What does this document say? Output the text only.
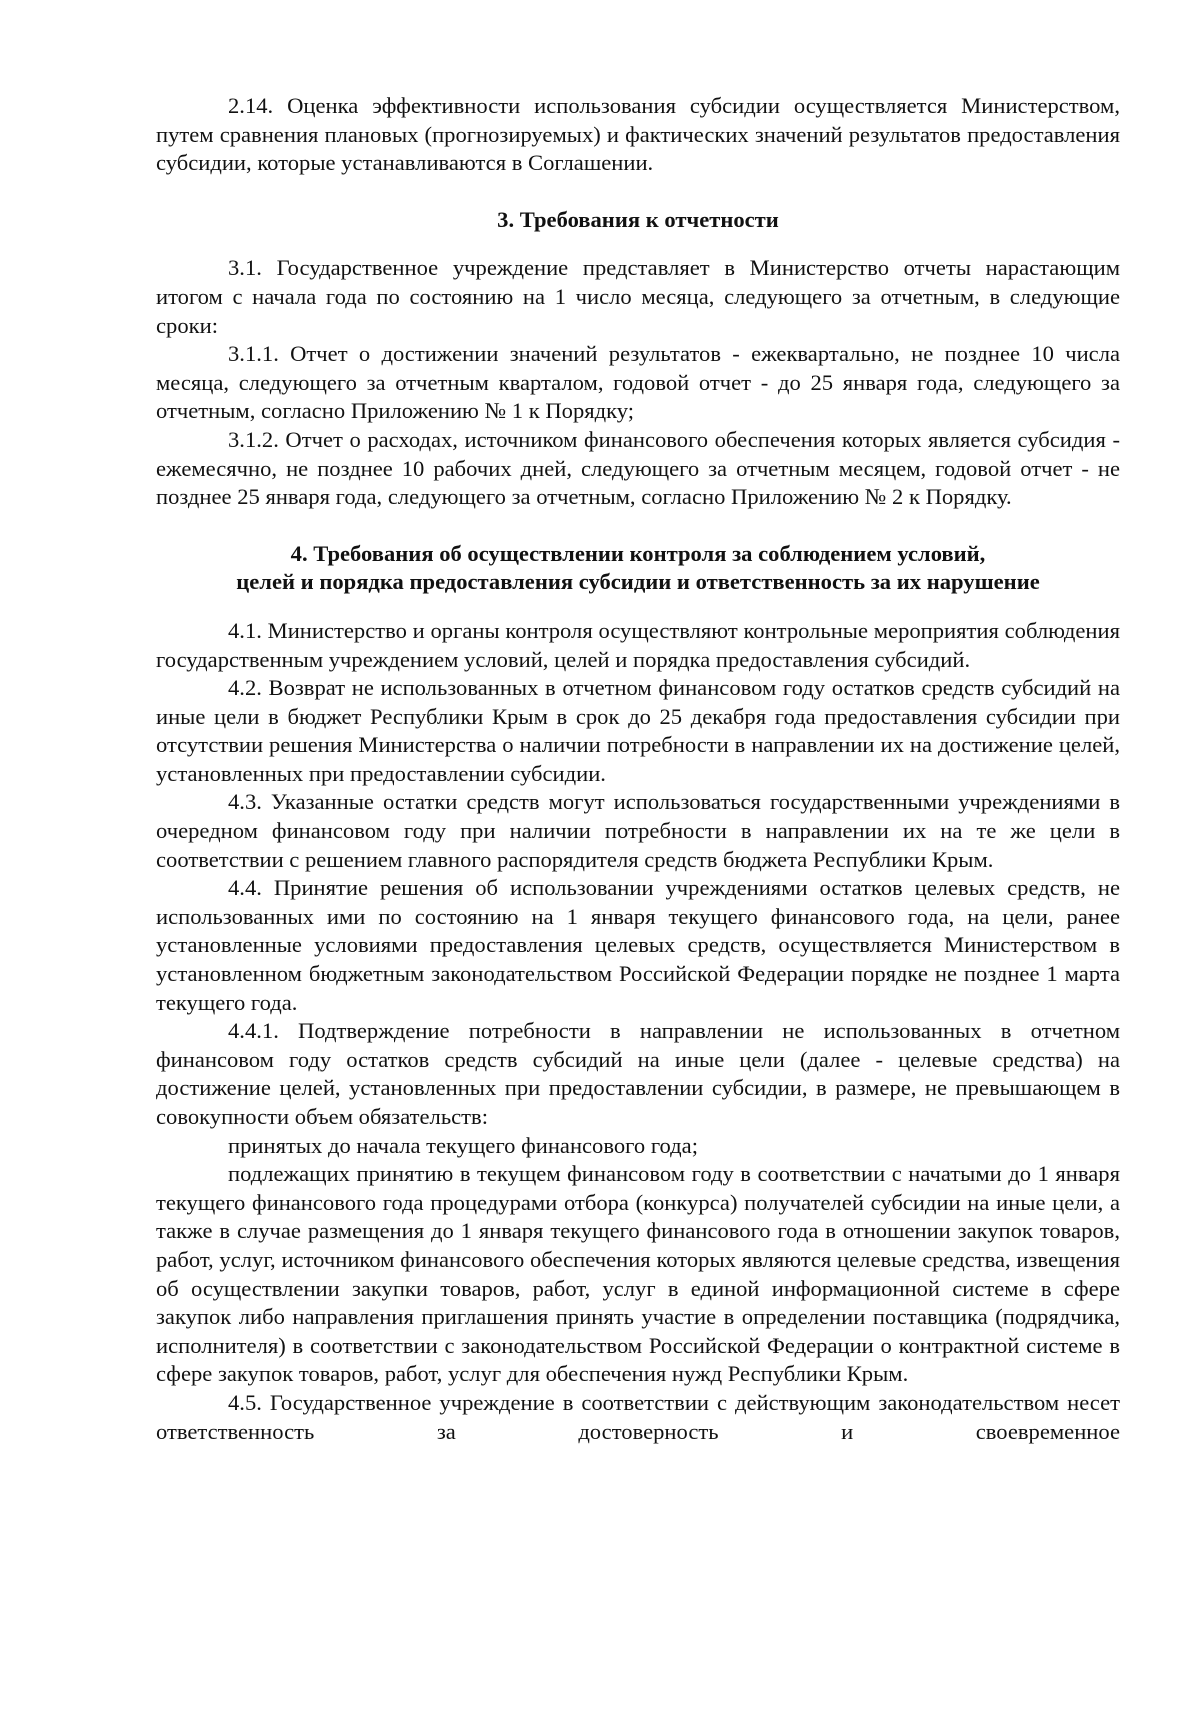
2.14. Оценка эффективности использования субсидии осуществляется Министерством, путем сравнения плановых (прогнозируемых) и фактических значений результатов предоставления субсидии, которые устанавливаются в Соглашении.

3. Требования к отчетности

3.1. Государственное учреждение представляет в Министерство отчеты нарастающим итогом с начала года по состоянию на 1 число месяца, следующего за отчетным, в следующие сроки:

3.1.1. Отчет о достижении значений результатов - ежеквартально, не позднее 10 числа месяца, следующего за отчетным кварталом, годовой отчет - до 25 января года, следующего за отчетным, согласно Приложению № 1 к Порядку;

3.1.2. Отчет о расходах, источником финансового обеспечения которых является субсидия - ежемесячно, не позднее 10 рабочих дней, следующего за отчетным месяцем, годовой отчет - не позднее 25 января года, следующего за отчетным, согласно Приложению № 2 к Порядку.

4. Требования об осуществлении контроля за соблюдением условий,
целей и порядка предоставления субсидии и ответственность за их нарушение

4.1. Министерство и органы контроля осуществляют контрольные мероприятия соблюдения государственным учреждением условий, целей и порядка предоставления субсидий.

4.2. Возврат не использованных в отчетном финансовом году остатков средств субсидий на иные цели в бюджет Республики Крым в срок до 25 декабря года предоставления субсидии при отсутствии решения Министерства о наличии потребности в направлении их на достижение целей, установленных при предоставлении субсидии.

4.3. Указанные остатки средств могут использоваться государственными учреждениями в очередном финансовом году при наличии потребности в направлении их на те же цели в соответствии с решением главного распорядителя средств бюджета Республики Крым.

4.4. Принятие решения об использовании учреждениями остатков целевых средств, не использованных ими по состоянию на 1 января текущего финансового года, на цели, ранее установленные условиями предоставления целевых средств, осуществляется Министерством в установленном бюджетным законодательством Российской Федерации порядке не позднее 1 марта текущего года.

4.4.1. Подтверждение потребности в направлении не использованных в отчетном финансовом году остатков средств субсидий на иные цели (далее - целевые средства) на достижение целей, установленных при предоставлении субсидии, в размере, не превышающем в совокупности объем обязательств:

принятых до начала текущего финансового года;

подлежащих принятию в текущем финансовом году в соответствии с начатыми до 1 января текущего финансового года процедурами отбора (конкурса) получателей субсидии на иные цели, а также в случае размещения до 1 января текущего финансового года в отношении закупок товаров, работ, услуг, источником финансового обеспечения которых являются целевые средства, извещения об осуществлении закупки товаров, работ, услуг в единой информационной системе в сфере закупок либо направления приглашения принять участие в определении поставщика (подрядчика, исполнителя) в соответствии с законодательством Российской Федерации о контрактной системе в сфере закупок товаров, работ, услуг для обеспечения нужд Республики Крым.

4.5. Государственное учреждение в соответствии с действующим законодательством несет ответственность за достоверность и своевременное
